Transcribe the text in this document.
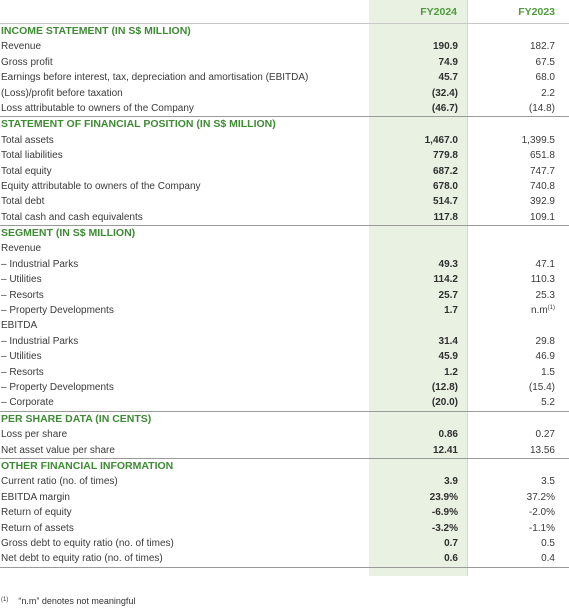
FY2024	FY2023
INCOME STATEMENT (IN S$ MILLION)
Revenue	190.9	182.7
Gross profit	74.9	67.5
Earnings before interest, tax, depreciation and amortisation (EBITDA)	45.7	68.0
(Loss)/profit before taxation	(32.4)	2.2
Loss attributable to owners of the Company	(46.7)	(14.8)
STATEMENT OF FINANCIAL POSITION (IN S$ MILLION)
Total assets	1,467.0	1,399.5
Total liabilities	779.8	651.8
Total equity	687.2	747.7
Equity attributable to owners of the Company	678.0	740.8
Total debt	514.7	392.9
Total cash and cash equivalents	117.8	109.1
SEGMENT (IN S$ MILLION)
Revenue
– Industrial Parks	49.3	47.1
– Utilities	114.2	110.3
– Resorts	25.7	25.3
– Property Developments	1.7	$n.m^{(1)}$
EBITDA
– Industrial Parks	31.4	29.8
– Utilities	45.9	46.9
– Resorts	1.2	1.5
– Property Developments	(12.8)	(15.4)
– Corporate	(20.0)	5.2
PER SHARE DATA (IN CENTS)
Loss per share	0.86	0.27
Net asset value per share	12.41	13.56
OTHER FINANCIAL INFORMATION
Current ratio (no. of times)	3.9	3.5
EBITDA margin	23.9%	37.2%
Return of equity	-6.9%	-2.0%
Return of assets	-3.2%	-1.1%
Gross debt to equity ratio (no. of times)	0.7	0.5
Net debt to equity ratio (no. of times)	0.6	0.4
$^{(1)}$ “n.m” denotes not meaningful
